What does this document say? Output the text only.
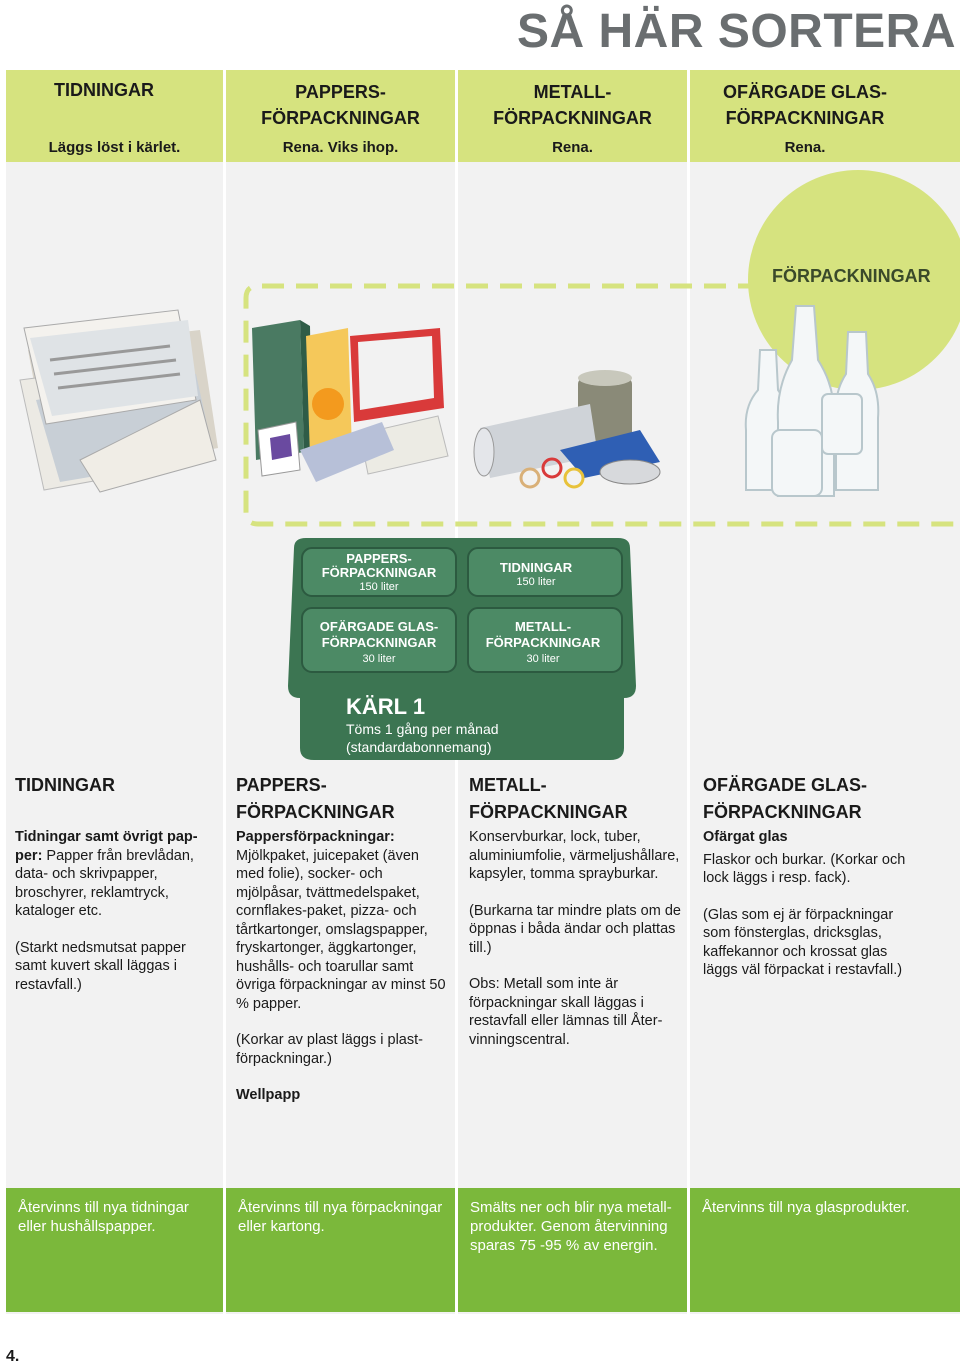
SÅ HÄR SORTERA
TIDNINGAR
Läggs löst i kärlet.
PAPPERS-
FÖRPACKNINGAR
Rena. Viks ihop.
METALL-
FÖRPACKNINGAR
Rena.
OFÄRGADE GLAS-
FÖRPACKNINGAR
Rena.
FÖRPACKNINGAR
PAPPERS-
FÖRPACKNINGAR
150 liter
TIDNINGAR
150 liter
OFÄRGADE GLAS-
FÖRPACKNINGAR
30 liter
METALL-
FÖRPACKNINGAR
30 liter
KÄRL 1
Töms 1 gång per månad
(standardabonnemang)
TIDNINGAR

Tidningar samt övrigt papper: Papper från brevlådan, data- och skrivpapper, broschyrer, reklamtryck, kataloger etc.

(Starkt nedsmutsat papper samt kuvert skall läggas i restavfall.)

PAPPERS-
FÖRPACKNINGAR

Pappersförpackningar: Mjölkpaket, juicepaket (även med folie), socker- och mjölpåsar, tvättmedelspaket, cornflakes-paket, pizza- och tårtkartonger, omslagspapper, fryskartonger, äggkartonger, hushålls- och toarullar samt övriga förpackningar av minst 50 % papper.

(Korkar av plast läggs i plastförpackningar.)

Wellpapp

METALL-
FÖRPACKNINGAR

Konservburkar, lock, tuber, aluminiumfolie, värmeljushållare, kapsyler, tomma sprayburkar.

(Burkarna tar mindre plats om de öppnas i båda ändar och plattas till.)

Obs: Metall som inte är förpackningar skall läggas i restavfall eller lämnas till Återvinningscentral.

OFÄRGADE GLAS-
FÖRPACKNINGAR

Ofärgat glas

Flaskor och burkar. (Korkar och lock läggs i resp. fack).

(Glas som ej är förpackningar som fönsterglas, dricksglas, kaffekannor och krossat glas läggs väl förpackat i restavfall.)

Återvinns till nya tidningar eller hushållspapper.
Återvinns till nya förpackningar eller kartong.
Smälts ner och blir nya metallprodukter. Genom återvinning sparas 75 -95 % av energin.
Återvinns till nya glasprodukter.
4.
